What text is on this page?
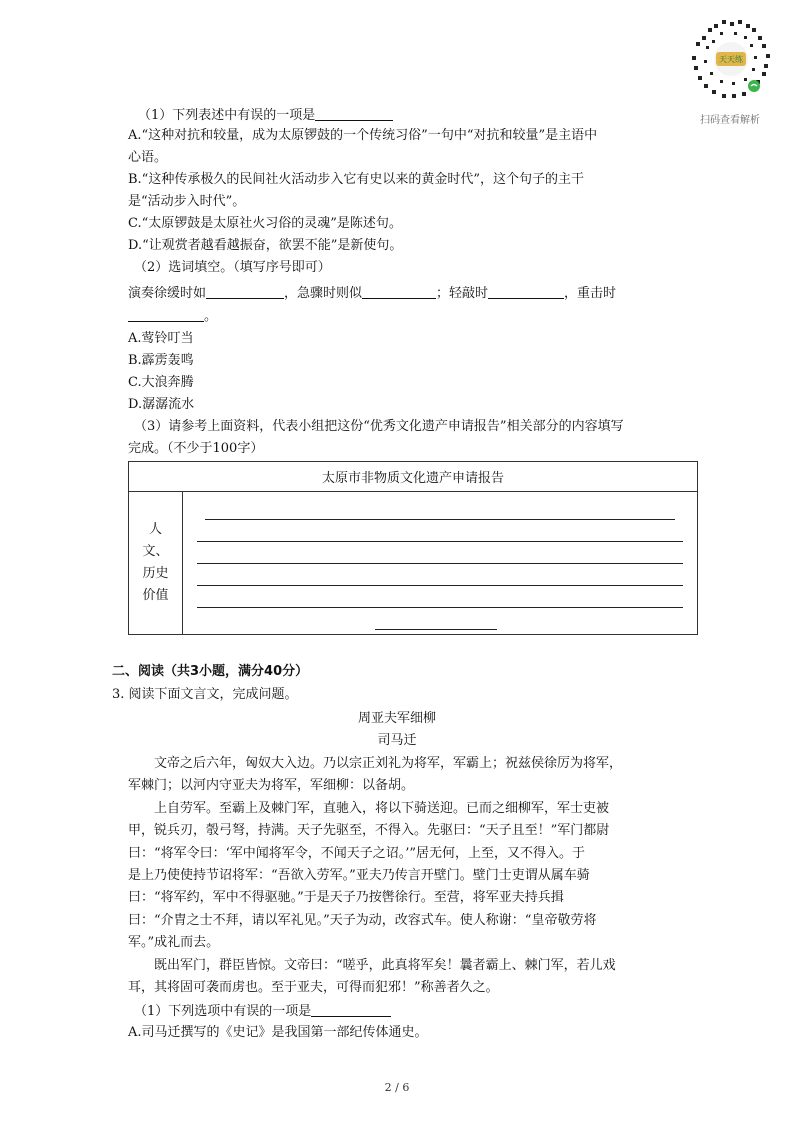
天天练
扫码查看解析
（1）下列表述中有误的一项是
A.“这种对抗和较量，成为太原锣鼓的一个传统习俗”一句中“对抗和较量”是主语中
心语。
B.“这种传承极久的民间社火活动步入它有史以来的黄金时代”，这个句子的主干
是“活动步入时代”。
C.“太原锣鼓是太原社火习俗的灵魂”是陈述句。
D.“让观赏者越看越振奋，欲罢不能”是新使句。
（2）选词填空。（填写序号即可）
演奏徐缓时如	，急骤时则似	；轻敲时	，重击时
。
A.莺铃叮当
B.霹雳轰鸣
C.大浪奔腾
D.潺潺流水
（3）请参考上面资料，代表小组把这份“优秀文化遗产申请报告”相关部分的内容填写
完成。（不少于100字）
太原市非物质文化遗产申请报告

人
文、
历史
价值

二、阅读（共3小题，满分40分）
3. 阅读下面文言文，完成问题。
周亚夫军细柳
司马迁
文帝之后六年，匈奴大入边。乃以宗正刘礼为将军，军霸上；祝兹侯徐厉为将军，
军棘门；以河内守亚夫为将军，军细柳：以备胡。
上自劳军。至霸上及棘门军，直驰入，将以下骑送迎。已而之细柳军，军士吏被
甲，锐兵刃，彀弓弩，持满。天子先驱至，不得入。先驱曰：“天子且至！”军门都尉
曰：“将军令曰：‘军中闻将军令，不闻天子之诏。’”居无何，上至，又不得入。于
是上乃使使持节诏将军：“吾欲入劳军。”亚夫乃传言开壁门。壁门士吏谓从属车骑
曰：“将军约，军中不得驱驰。”于是天子乃按辔徐行。至营，将军亚夫持兵揖
曰：“介胄之士不拜，请以军礼见。”天子为动，改容式车。使人称谢：“皇帝敬劳将
军。”成礼而去。
既出军门，群臣皆惊。文帝曰：“嗟乎，此真将军矣！曩者霸上、棘门军，若儿戏
耳，其将固可袭而虏也。至于亚夫，可得而犯邪！”称善者久之。
（1）下列选项中有误的一项是
A.司马迁撰写的《史记》是我国第一部纪传体通史。
2 / 6
